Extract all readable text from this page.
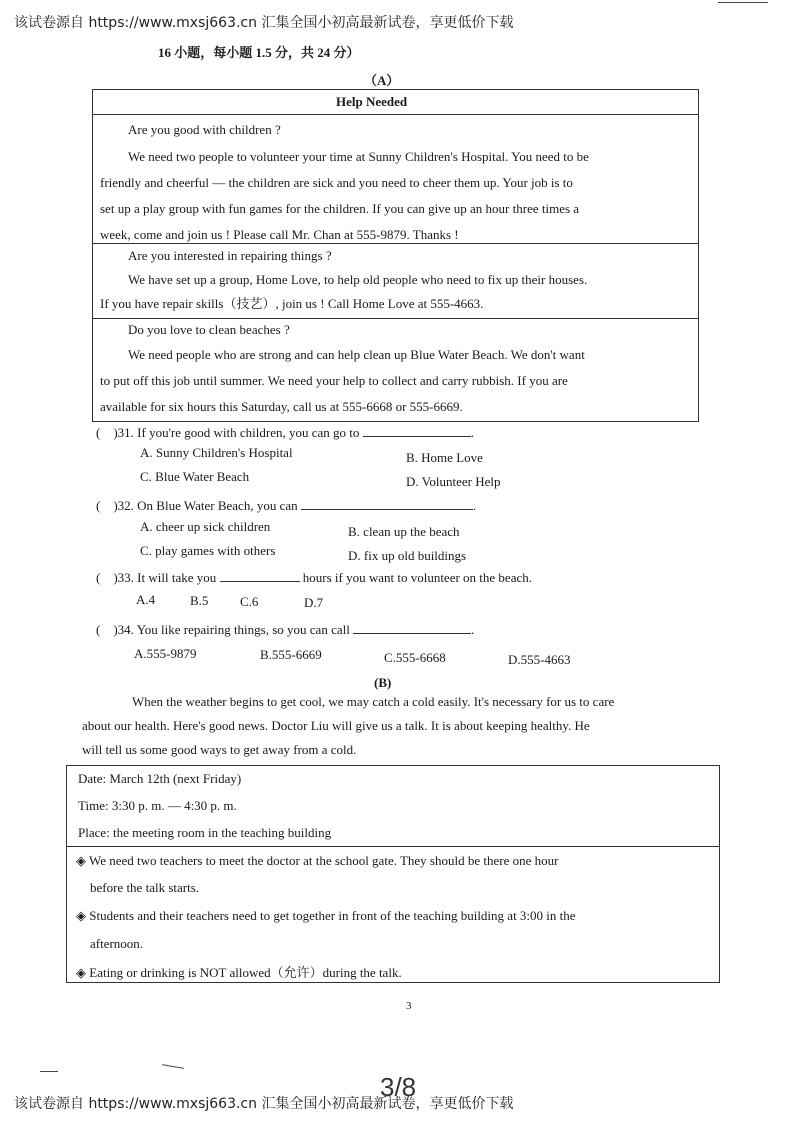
该试卷源自 https://www.mxsj663.cn 汇集全国小初高最新试卷，享更低价下载
16 小题，每小题 1.5 分，共 24 分）
（A）
Help Needed
Are you good with children ?
We need two people to volunteer your time at Sunny Children's Hospital. You need to be
friendly and cheerful — the children are sick and you need to cheer them up. Your job is to
set up a play group with fun games for the children. If you can give up an hour three times a
week, come and join us ! Please call Mr. Chan at 555-9879. Thanks !
Are you interested in repairing things ?
We have set up a group, Home Love, to help old people who need to fix up their houses.
If you have repair skills（技艺）, join us ! Call Home Love at 555-4663.
Do you love to clean beaches ?
We need people who are strong and can help clean up Blue Water Beach. We don't want
to put off this job until summer. We need your help to collect and carry rubbish. If you are
available for six hours this Saturday, call us at 555-6668 or 555-6669.
(　)31. If you're good with children, you can go to	.
A. Sunny Children's Hospital	B. Home Love
C. Blue Water Beach	D. Volunteer Help
(　)32. On Blue Water Beach, you can	.
A. cheer up sick children	B. clean up the beach
C. play games with others	D. fix up old buildings
(　)33. It will take you	hours if you want to volunteer on the beach.
A.4	B.5 C.6	D.7
(　)34. You like repairing things, so you can call	.
A.555-9879	B.555-6669	C.555-6668	D.555-4663
(B)
When the weather begins to get cool, we may catch a cold easily. It's necessary for us to care
about our health. Here's good news. Doctor Liu will give us a talk. It is about keeping healthy. He
will tell us some good ways to get away from a cold.
Date: March 12th (next Friday)
Time: 3:30 p. m. — 4:30 p. m.
Place: the meeting room in the teaching building
◈ We need two teachers to meet the doctor at the school gate. They should be there one hour
before the talk starts.
◈ Students and their teachers need to get together in front of the teaching building at 3:00 in the
afternoon.
◈ Eating or drinking is NOT allowed（允许）during the talk.
3
3/8
该试卷源自 https://www.mxsj663.cn 汇集全国小初高最新试卷，享更低价下载
